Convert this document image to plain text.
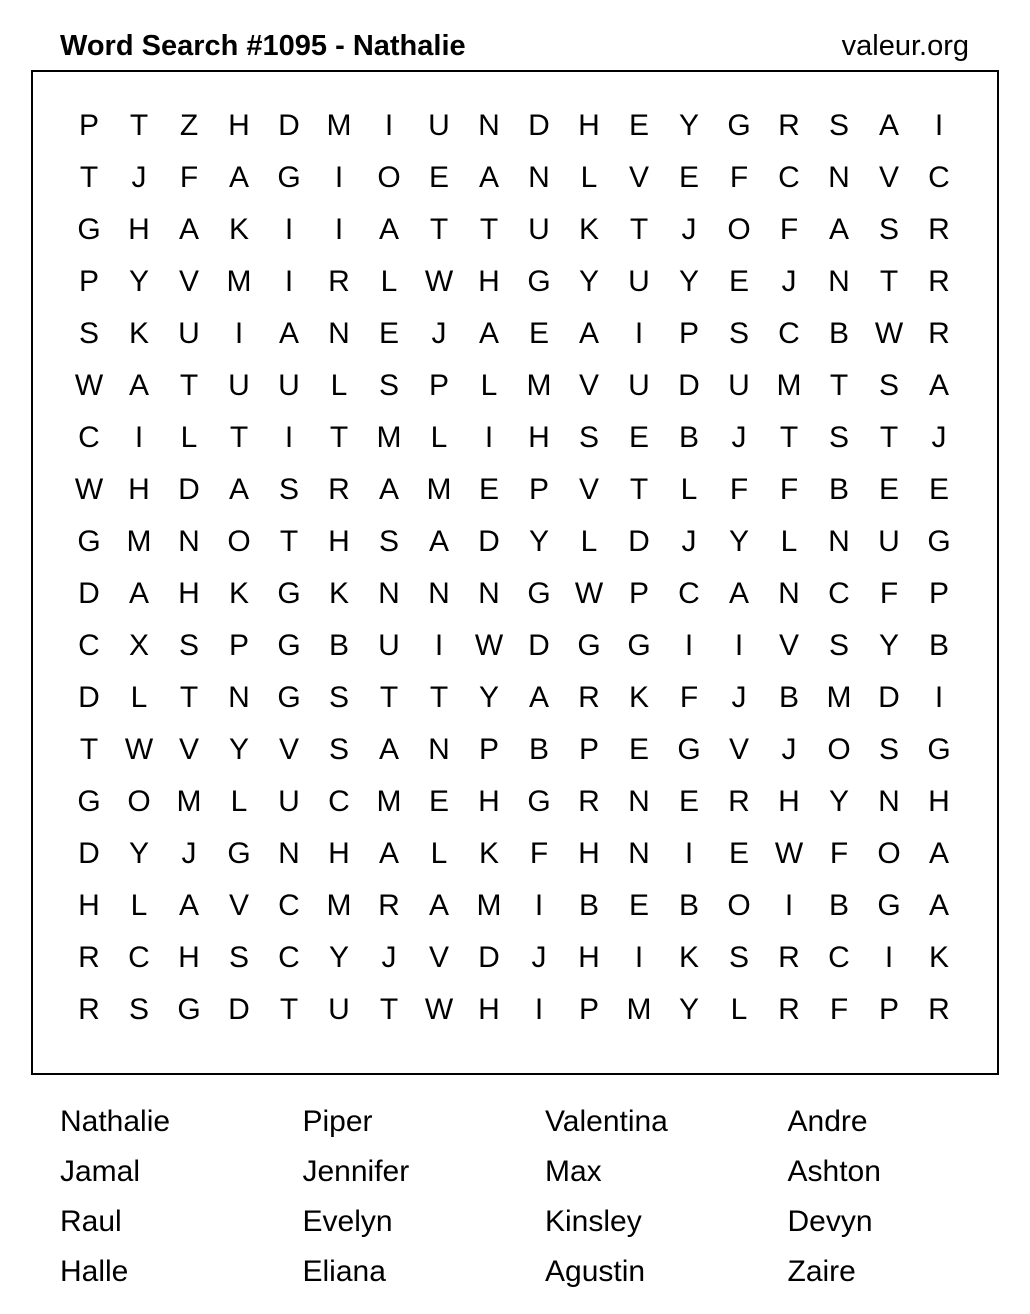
Word Search #1095 - Nathalie	valeur.org
P	T	Z	H D M	I	U N D H E Y G R S A	I
T	J	F	A G	I	O E A N	L	V E	F	C N V C
G H A K	I	I	A	T	T	U K	T	J	O F	A S R
P Y V M	I	R	L W H G Y U Y E	J	N	T	R
S K U	I	A N E	J	A E A	I	P S C B W R
W A	T	U U	L	S P	L M V U D U M T	S A
C	I	L	T	I	T M L	I	H S E B	J	T	S	T	J
W H D A S R A M E P V	T	L	F	F	B E E
G M N O T	H S A D Y	L	D	J	Y	L	N U G
D A H K G K N N N G W P C A N C	F	P
C X S P G B U	I	W D G G	I	I	V S Y B
D	L	T	N G S	T	T	Y A R K	F	J	B M D	I
T W V Y V S A N P B P E G V	J	O S G
G O M L	U C M E H G R N E R H Y N H
D Y	J	G N H A	L	K	F	H N	I	E W F O A
H	L	A V C M R A M	I	B E B O	I	B G A
R C H S C Y	J	V D	J	H	I	K S R C	I	K
R S G D	T	U	T W H	I	P M Y	L	R	F	P R
Nathalie	Piper	Valentina	Andre
Jamal	Jennifer	Max	Ashton
Raul	Evelyn	Kinsley	Devyn
Halle	Eliana	Agustin	Zaire
